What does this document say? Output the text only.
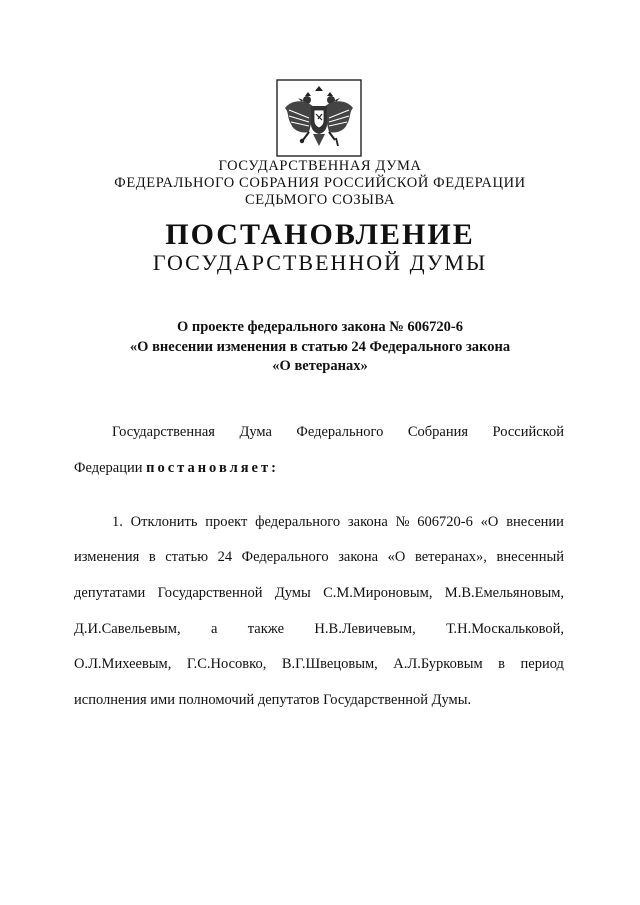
ГОСУДАРСТВЕННАЯ ДУМА
ФЕДЕРАЛЬНОГО СОБРАНИЯ РОССИЙСКОЙ ФЕДЕРАЦИИ
СЕДЬМОГО СОЗЫВА
ПОСТАНОВЛЕНИЕ
ГОСУДАРСТВЕННОЙ ДУМЫ
О проекте федерального закона № 606720-6
«О внесении изменения в статью 24 Федерального закона
«О ветеранах»
Государственная Дума Федерального Собрания Российской
Федерации постановляет:
1. Отклонить проект федерального закона № 606720-6 «О внесении
изменения в статью 24 Федерального закона «О ветеранах», внесенный
депутатами Государственной Думы С.М.Мироновым, М.В.Емельяновым,
Д.И.Савельевым, а также Н.В.Левичевым, Т.Н.Москальковой,
О.Л.Михеевым, Г.С.Носовко, В.Г.Швецовым, А.Л.Бурковым в период
исполнения ими полномочий депутатов Государственной Думы.
